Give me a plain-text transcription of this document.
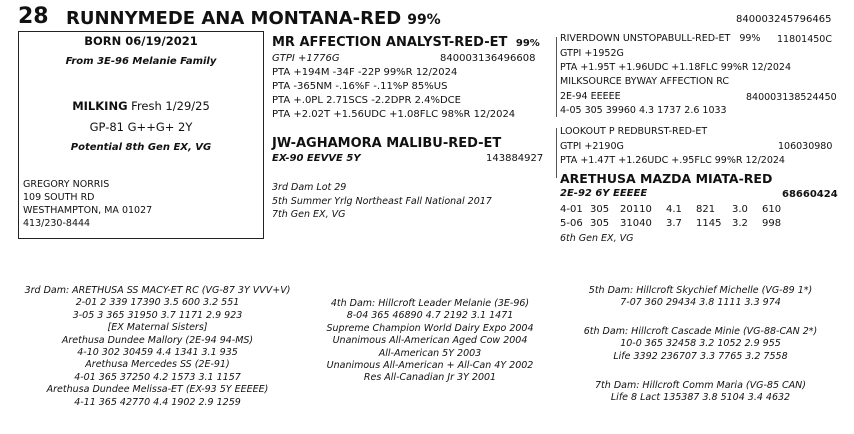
28 RUNNYMEDE ANA MONTANA-RED 99%	840003245796465
BORN 06/19/2021
From 3E-96 Melanie Family
MILKING Fresh 1/29/25
GP-81 G++G+ 2Y
Potential 8th Gen EX, VG
GREGORY NORRIS
109 SOUTH RD
WESTHAMPTON, MA 01027
413/230-8444
MR AFFECTION ANALYST-RED-ET 99%
GTPI +1776G	840003136496608
PTA +194M -34F -22P 99%R 12/2024
PTA -365NM -.16%F -.11%P 85%US
PTA +.0PL 2.71SCS -2.2DPR 2.4%DCE
PTA +2.02T +1.56UDC +1.08FLC 98%R 12/2024
JW-AGHAMORA MALIBU-RED-ET
EX-90 EEVVE 5Y	143884927
3rd Dam Lot 29
5th Summer Yrlg Northeast Fall National 2017
7th Gen EX, VG
RIVERDOWN UNSTOPABULL-RED-ET 99% 11801450C
GTPI +1952G
PTA +1.95T +1.96UDC +1.18FLC 99%R 12/2024
MILKSOURCE BYWAY AFFECTION RC
2E-94 EEEEE	840003138524450
4-05 305 39960 4.3 1737 2.6 1033
LOOKOUT P REDBURST-RED-ET
GTPI +2190G	106030980
PTA +1.47T +1.26UDC +.95FLC 99%R 12/2024
ARETHUSA MAZDA MIATA-RED
2E-92 6Y EEEEE	68660424
4-01 305 20110 4.1 821 3.0 610
5-06 305 31040 3.7 1145 3.2 998
6th Gen EX, VG
3rd Dam: ARETHUSA SS MACY-ET RC (VG-87 3Y VVV+V)
2-01 2 339 17390 3.5 600 3.2 551
3-05 3 365 31950 3.7 1171 2.9 923
[EX Maternal Sisters]
Arethusa Dundee Mallory (2E-94 94-MS)
4-10 302 30459 4.4 1341 3.1 935
Arethusa Mercedes SS (2E-91)
4-01 365 37250 4.2 1573 3.1 1157
Arethusa Dundee Melissa-ET (EX-93 5Y EEEEE)
4-11 365 42770 4.4 1902 2.9 1259
4th Dam: Hillcroft Leader Melanie (3E-96)
8-04 365 46890 4.7 2192 3.1 1471
Supreme Champion World Dairy Expo 2004
Unanimous All-American Aged Cow 2004
All-American 5Y 2003
Unanimous All-American + All-Can 4Y 2002
Res All-Canadian Jr 3Y 2001
5th Dam: Hillcroft Skychief Michelle (VG-89 1*)
7-07 360 29434 3.8 1111 3.3 974
6th Dam: Hillcroft Cascade Minie (VG-88-CAN 2*)
10-0 365 32458 3.2 1052 2.9 955
Life 3392 236707 3.3 7765 3.2 7558
7th Dam: Hillcroft Comm Maria (VG-85 CAN)
Life 8 Lact 135387 3.8 5104 3.4 4632
